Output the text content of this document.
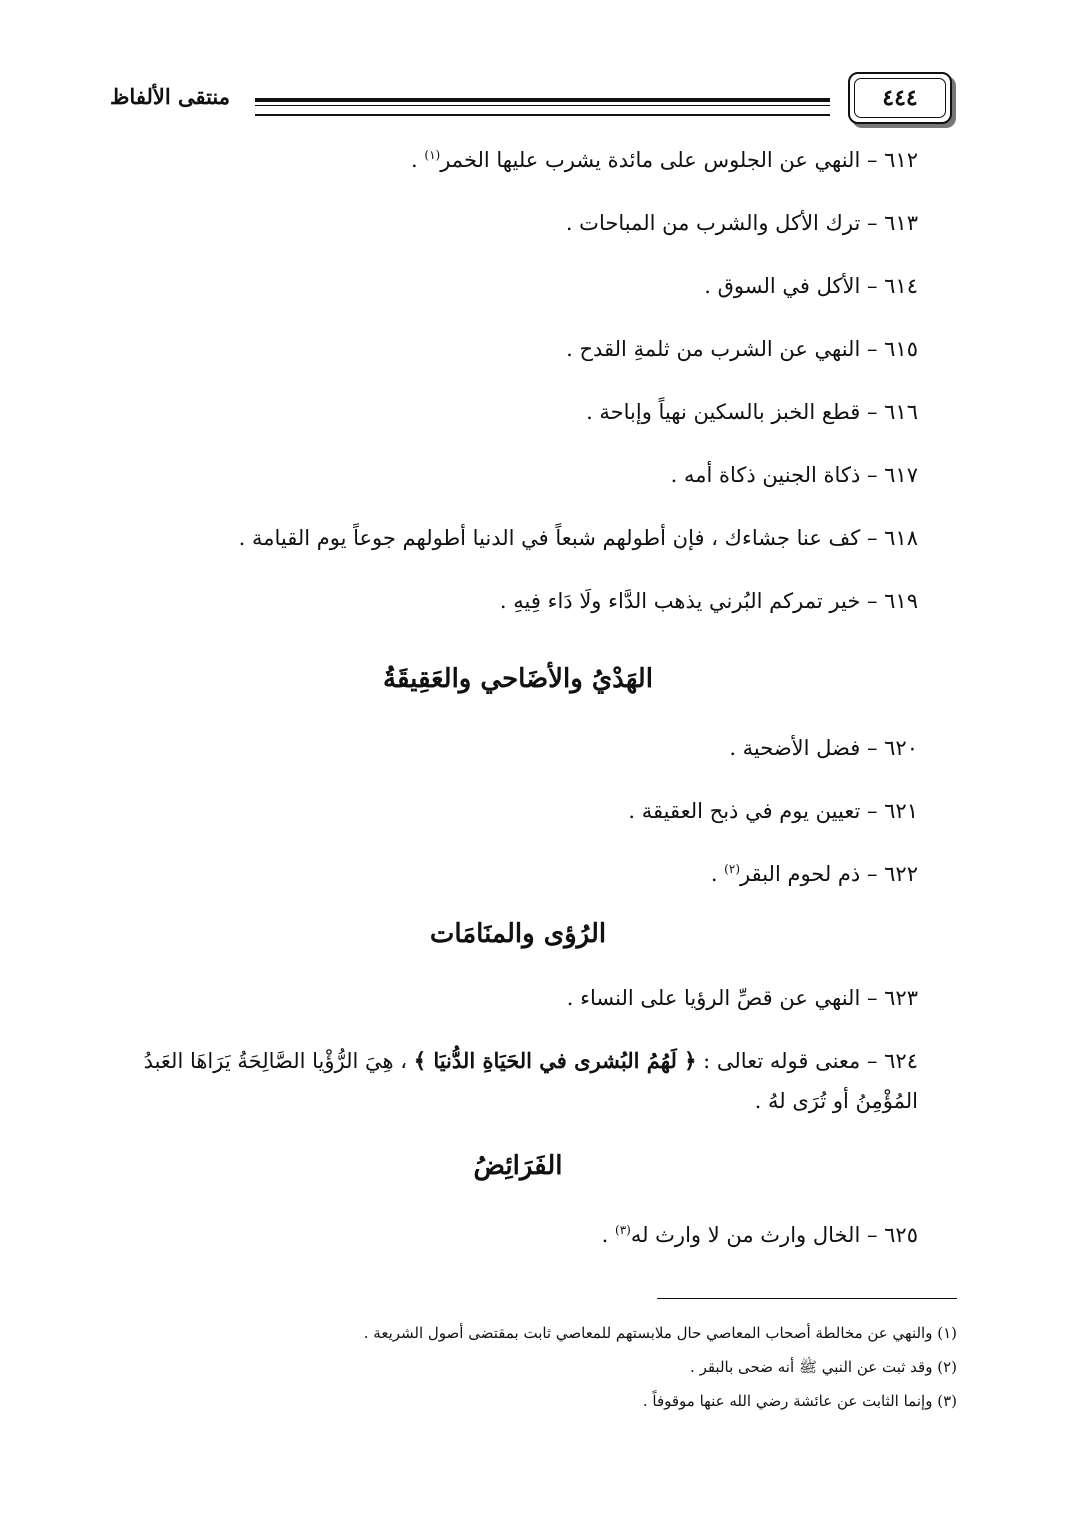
٤٤٤
منتقى الألفاظ
٦١٢ – النهي عن الجلوس على مائدة يشرب عليها الخمر$^{(١)}$ .
٦١٣ – ترك الأكل والشرب من المباحات .
٦١٤ – الأكل في السوق .
٦١٥ – النهي عن الشرب من ثلمةِ القدح .
٦١٦ – قطع الخبز بالسكين نهياً وإباحة .
٦١٧ – ذكاة الجنين ذكاة أمه .
٦١٨ – كف عنا جشاءك ، فإن أطولهم شبعاً في الدنيا أطولهم جوعاً يوم القيامة .
٦١٩ – خير تمركم البُرني يذهب الدَّاء ولَا دَاء فِيهِ .
الهَدْيُ والأضَاحي والعَقِيقَةُ
٦٢٠ – فضل الأضحية .
٦٢١ – تعيين يوم في ذبح العقيقة .
٦٢٢ – ذم لحوم البقر$^{(٢)}$ .
الرُؤى والمنَامَات
٦٢٣ – النهي عن قصِّ الرؤيا على النساء .
٦٢٤ – معنى قوله تعالى : ﴿ لَهُمُ البُشرى في الحَيَاةِ الدُّنيَا ﴾ ، هِيَ الرُّؤْيا الصَّالِحَةُ يَرَاهَا العَبدُ المُؤْمِنُ أو تُرَى لهُ .
الفَرَائِضُ
٦٢٥ – الخال وارث من لا وارث له$^{(٣)}$ .
(١) والنهي عن مخالطة أصحاب المعاصي حال ملابستهم للمعاصي ثابت بمقتضى أصول الشريعة .
(٢) وقد ثبت عن النبي ﷺ أنه ضحى بالبقر .
(٣) وإنما الثابت عن عائشة رضي الله عنها موقوفاً .
